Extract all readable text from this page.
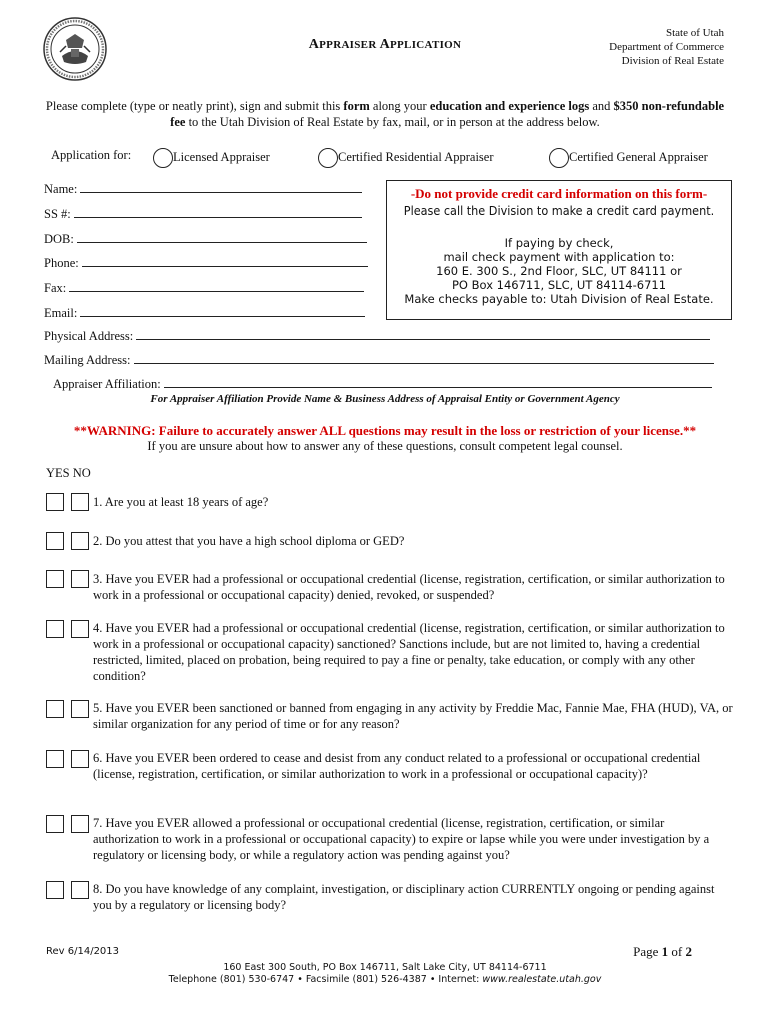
APPRAISER APPLICATION
State of Utah
Department of Commerce
Division of Real Estate
Please complete (type or neatly print), sign and submit this form along your education and experience logs and $350 non-refundable fee to the Utah Division of Real Estate by fax, mail, or in person at the address below.
Application for:	Licensed Appraiser	Certified Residential Appraiser	Certified General Appraiser
Name:
SS #:
DOB:
Phone:
Fax:
Email:
Physical Address:
Mailing Address:
Appraiser Affiliation:
-Do not provide credit card information on this form-
Please call the Division to make a credit card payment.
If paying by check,
mail check payment with application to:
160 E. 300 S., 2nd Floor, SLC, UT 84111 or
PO Box 146711, SLC, UT 84114-6711
Make checks payable to: Utah Division of Real Estate.
For Appraiser Affiliation Provide Name & Business Address of Appraisal Entity or Government Agency
**WARNING: Failure to accurately answer ALL questions may result in the loss or restriction of your license.**
If you are unsure about how to answer any of these questions, consult competent legal counsel.
YES NO
1. Are you at least 18 years of age?
2. Do you attest that you have a high school diploma or GED?
3. Have you EVER had a professional or occupational credential (license, registration, certification, or similar authorization to work in a professional or occupational capacity) denied, revoked, or suspended?
4. Have you EVER had a professional or occupational credential (license, registration, certification, or similar authorization to work in a professional or occupational capacity) sanctioned? Sanctions include, but are not limited to, having a credential restricted, limited, placed on probation, being required to pay a fine or penalty, take education, or comply with any other condition?
5. Have you EVER been sanctioned or banned from engaging in any activity by Freddie Mac, Fannie Mae, FHA (HUD), VA, or similar organization for any period of time or for any reason?
6. Have you EVER been ordered to cease and desist from any conduct related to a professional or occupational credential (license, registration, certification, or similar authorization to work in a professional or occupational capacity)?
7. Have you EVER allowed a professional or occupational credential (license, registration, certification, or similar authorization to work in a professional or occupational capacity) to expire or lapse while you were under investigation by a regulatory or licensing body, or while a regulatory action was pending against you?
8. Do you have knowledge of any complaint, investigation, or disciplinary action CURRENTLY ongoing or pending against you by a regulatory or licensing body?
Rev 6/14/2013	Page 1 of 2
160 East 300 South, PO Box 146711, Salt Lake City, UT 84114-6711
Telephone (801) 530-6747 • Facsimile (801) 526-4387 • Internet: www.realestate.utah.gov
